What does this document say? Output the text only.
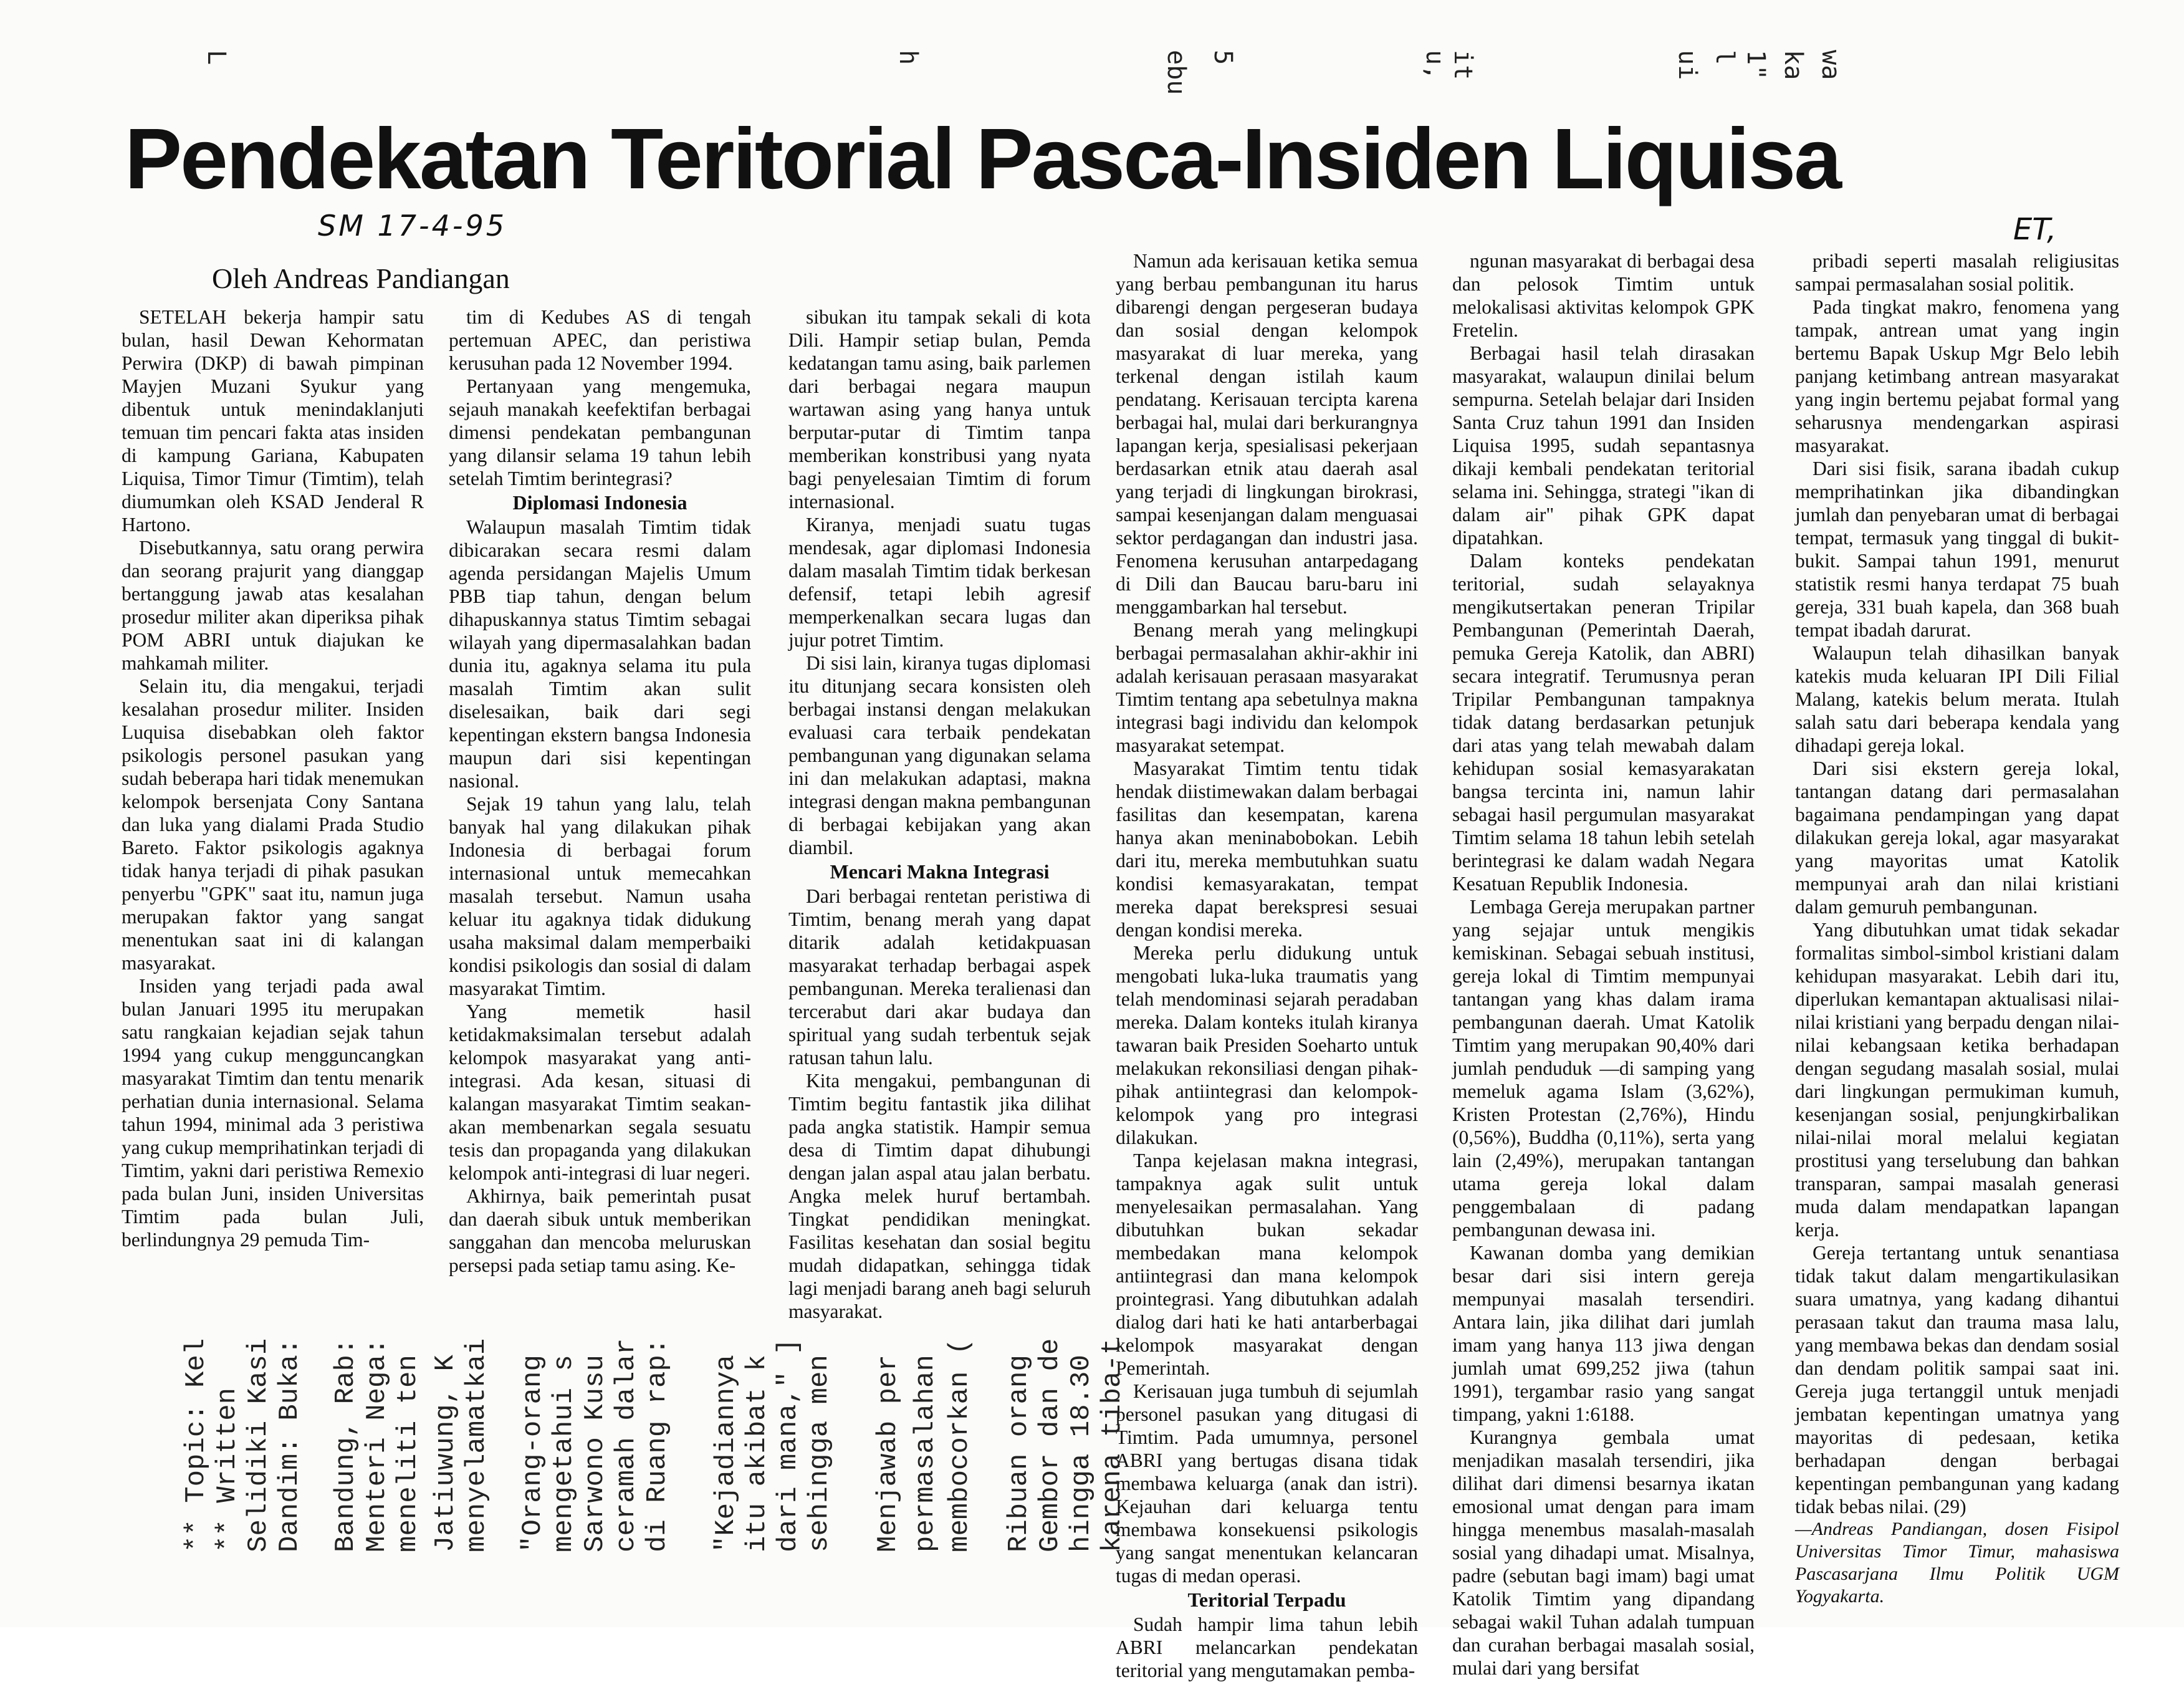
Pendekatan Teritorial Pasca-Insiden Liquisa
SM 17-4-95	ET,
Oleh Andreas Pandiangan
L	h	ebu 5	u, it	ui l 1" ka wa

SETELAH bekerja hampir satu bulan, hasil Dewan Kehormatan Perwira (DKP) di bawah pimpinan Mayjen Muzani Syukur yang dibentuk untuk menindaklanjuti temuan tim pencari fakta atas insiden di kampung Gariana, Kabupaten Liquisa, Timor Timur (Timtim), telah diumumkan oleh KSAD Jenderal R Hartono.

Disebutkannya, satu orang perwira dan seorang prajurit yang dianggap bertanggung jawab atas kesalahan prosedur militer akan diperiksa pihak POM ABRI untuk diajukan ke mahkamah militer.

Selain itu, dia mengakui, terjadi kesalahan prosedur militer. Insiden Luquisa disebabkan oleh faktor psikologis personel pasukan yang sudah beberapa hari tidak menemukan kelompok bersenjata Cony Santana dan luka yang dialami Prada Studio Bareto. Faktor psikologis agaknya tidak hanya terjadi di pihak pasukan penyerbu "GPK" saat itu, namun juga merupakan faktor yang sangat menentukan saat ini di kalangan masyarakat.

Insiden yang terjadi pada awal bulan Januari 1995 itu merupakan satu rangkaian kejadian sejak tahun 1994 yang cukup mengguncangkan masyarakat Timtim dan tentu menarik perhatian dunia internasional. Selama tahun 1994, minimal ada 3 peristiwa yang cukup memprihatinkan terjadi di Timtim, yakni dari peristiwa Remexio pada bulan Juni, insiden Universitas Timtim pada bulan Juli, berlindungnya 29 pemuda Tim-

tim di Kedubes AS di tengah pertemuan APEC, dan peristiwa kerusuhan pada 12 November 1994.

Pertanyaan yang mengemuka, sejauh manakah keefektifan berbagai dimensi pendekatan pembangunan yang dilansir selama 19 tahun lebih setelah Timtim berintegrasi?

Diplomasi Indonesia

Walaupun masalah Timtim tidak dibicarakan secara resmi dalam agenda persidangan Majelis Umum PBB tiap tahun, dengan belum dihapuskannya status Timtim sebagai wilayah yang dipermasalahkan badan dunia itu, agaknya selama itu pula masalah Timtim akan sulit diselesaikan, baik dari segi kepentingan ekstern bangsa Indonesia maupun dari sisi kepentingan nasional.

Sejak 19 tahun yang lalu, telah banyak hal yang dilakukan pihak Indonesia di berbagai forum internasional untuk memecahkan masalah tersebut. Namun usaha keluar itu agaknya tidak didukung usaha maksimal dalam memperbaiki kondisi psikologis dan sosial di dalam masyarakat Timtim.

Yang memetik hasil ketidakmaksimalan tersebut adalah kelompok masyarakat yang anti-integrasi. Ada kesan, situasi di kalangan masyarakat Timtim seakan-akan membenarkan segala sesuatu tesis dan propaganda yang dilakukan kelompok anti-integrasi di luar negeri.

Akhirnya, baik pemerintah pusat dan daerah sibuk untuk memberikan sanggahan dan mencoba meluruskan persepsi pada setiap tamu asing. Ke-

sibukan itu tampak sekali di kota Dili. Hampir setiap bulan, Pemda kedatangan tamu asing, baik parlemen dari berbagai negara maupun wartawan asing yang hanya untuk berputar-putar di Timtim tanpa memberikan konstribusi yang nyata bagi penyelesaian Timtim di forum internasional.

Kiranya, menjadi suatu tugas mendesak, agar diplomasi Indonesia dalam masalah Timtim tidak berkesan defensif, tetapi lebih agresif memperkenalkan secara lugas dan jujur potret Timtim.

Di sisi lain, kiranya tugas diplomasi itu ditunjang secara konsisten oleh berbagai instansi dengan melakukan evaluasi cara terbaik pendekatan pembangunan yang digunakan selama ini dan melakukan adaptasi, makna integrasi dengan makna pembangunan di berbagai kebijakan yang akan diambil.

Mencari Makna Integrasi

Dari berbagai rentetan peristiwa di Timtim, benang merah yang dapat ditarik adalah ketidakpuasan masyarakat terhadap berbagai aspek pembangunan. Mereka teralienasi dan tercerabut dari akar budaya dan spiritual yang sudah terbentuk sejak ratusan tahun lalu.

Kita mengakui, pembangunan di Timtim begitu fantastik jika dilihat pada angka statistik. Hampir semua desa di Timtim dapat dihubungi dengan jalan aspal atau jalan berbatu. Angka melek huruf bertambah. Tingkat pendidikan meningkat. Fasilitas kesehatan dan sosial begitu mudah didapatkan, sehingga tidak lagi menjadi barang aneh bagi seluruh masyarakat.

Namun ada kerisauan ketika semua yang berbau pembangunan itu harus dibarengi dengan pergeseran budaya dan sosial dengan kelompok masyarakat di luar mereka, yang terkenal dengan istilah kaum pendatang. Kerisauan tercipta karena berbagai hal, mulai dari berkurangnya lapangan kerja, spesialisasi pekerjaan berdasarkan etnik atau daerah asal yang terjadi di lingkungan birokrasi, sampai kesenjangan dalam menguasai sektor perdagangan dan industri jasa. Fenomena kerusuhan antarpedagang di Dili dan Baucau baru-baru ini menggambarkan hal tersebut.

Benang merah yang melingkupi berbagai permasalahan akhir-akhir ini adalah kerisauan perasaan masyarakat Timtim tentang apa sebetulnya makna integrasi bagi individu dan kelompok masyarakat setempat.

Masyarakat Timtim tentu tidak hendak diistimewakan dalam berbagai fasilitas dan kesempatan, karena hanya akan meninabobokan. Lebih dari itu, mereka membutuhkan suatu kondisi kemasyarakatan, tempat mereka dapat berekspresi sesuai dengan kondisi mereka.

Mereka perlu didukung untuk mengobati luka-luka traumatis yang telah mendominasi sejarah peradaban mereka. Dalam konteks itulah kiranya tawaran baik Presiden Soeharto untuk melakukan rekonsiliasi dengan pihak-pihak antiintegrasi dan kelompok-kelompok yang pro integrasi dilakukan.

Tanpa kejelasan makna integrasi, tampaknya agak sulit untuk menyelesaikan permasalahan. Yang dibutuhkan bukan sekadar membedakan mana kelompok antiintegrasi dan mana kelompok prointegrasi. Yang dibutuhkan adalah dialog dari hati ke hati antarberbagai kelompok masyarakat dengan Pemerintah.

Kerisauan juga tumbuh di sejumlah personel pasukan yang ditugasi di Timtim. Pada umumnya, personel ABRI yang bertugas disana tidak membawa keluarga (anak dan istri). Kejauhan dari keluarga tentu membawa konsekuensi psikologis yang sangat menentukan kelancaran tugas di medan operasi.

Teritorial Terpadu

Sudah hampir lima tahun lebih ABRI melancarkan pendekatan teritorial yang mengutamakan pemba-

ngunan masyarakat di berbagai desa dan pelosok Timtim untuk melokalisasi aktivitas kelompok GPK Fretelin.

Berbagai hasil telah dirasakan masyarakat, walaupun dinilai belum sempurna. Setelah belajar dari Insiden Santa Cruz tahun 1991 dan Insiden Liquisa 1995, sudah sepantasnya dikaji kembali pendekatan teritorial selama ini. Sehingga, strategi "ikan di dalam air" pihak GPK dapat dipatahkan.

Dalam konteks pendekatan teritorial, sudah selayaknya mengikutsertakan peneran Tripilar Pembangunan (Pemerintah Daerah, pemuka Gereja Katolik, dan ABRI) secara integratif. Terumusnya peran Tripilar Pembangunan tampaknya tidak datang berdasarkan petunjuk dari atas yang telah mewabah dalam kehidupan sosial kemasyarakatan bangsa tercinta ini, namun lahir sebagai hasil pergumulan masyarakat Timtim selama 18 tahun lebih setelah berintegrasi ke dalam wadah Negara Kesatuan Republik Indonesia.

Lembaga Gereja merupakan partner yang sejajar untuk mengikis kemiskinan. Sebagai sebuah institusi, gereja lokal di Timtim mempunyai tantangan yang khas dalam irama pembangunan daerah. Umat Katolik Timtim yang merupakan 90,40% dari jumlah penduduk —di samping yang memeluk agama Islam (3,62%), Kristen Protestan (2,76%), Hindu (0,56%), Buddha (0,11%), serta yang lain (2,49%), merupakan tantangan utama gereja lokal dalam penggembalaan di padang pembangunan dewasa ini.

Kawanan domba yang demikian besar dari sisi intern gereja mempunyai masalah tersendiri. Antara lain, jika dilihat dari jumlah imam yang hanya 113 jiwa dengan jumlah umat 699,252 jiwa (tahun 1991), tergambar rasio yang sangat timpang, yakni 1:6188.

Kurangnya gembala umat menjadikan masalah tersendiri, jika dilihat dari dimensi besarnya ikatan emosional umat dengan para imam hingga menembus masalah-masalah sosial yang dihadapi umat. Misalnya, padre (sebutan bagi imam) bagi umat Katolik Timtim yang dipandang sebagai wakil Tuhan adalah tumpuan dan curahan berbagai masalah sosial, mulai dari yang bersifat

pribadi seperti masalah religiusitas sampai permasalahan sosial politik.

Pada tingkat makro, fenomena yang tampak, antrean umat yang ingin bertemu Bapak Uskup Mgr Belo lebih panjang ketimbang antrean masyarakat yang ingin bertemu pejabat formal yang seharusnya mendengarkan aspirasi masyarakat.

Dari sisi fisik, sarana ibadah cukup memprihatinkan jika dibandingkan jumlah dan penyebaran umat di berbagai tempat, termasuk yang tinggal di bukit-bukit. Sampai tahun 1991, menurut statistik resmi hanya terdapat 75 buah gereja, 331 buah kapela, dan 368 buah tempat ibadah darurat.

Walaupun telah dihasilkan banyak katekis muda keluaran IPI Dili Filial Malang, katekis belum merata. Itulah salah satu dari beberapa kendala yang dihadapi gereja lokal.

Dari sisi ekstern gereja lokal, tantangan datang dari permasalahan bagaimana pendampingan yang dapat dilakukan gereja lokal, agar masyarakat yang mayoritas umat Katolik mempunyai arah dan nilai kristiani dalam gemuruh pembangunan.

Yang dibutuhkan umat tidak sekadar formalitas simbol-simbol kristiani dalam kehidupan masyarakat. Lebih dari itu, diperlukan kemantapan aktualisasi nilai-nilai kristiani yang berpadu dengan nilai-nilai kebangsaan ketika berhadapan dengan segudang masalah sosial, mulai dari lingkungan permukiman kumuh, kesenjangan sosial, penjungkirbalikan nilai-nilai moral melalui kegiatan prostitusi yang terselubung dan bahkan transparan, sampai masalah generasi muda dalam mendapatkan lapangan kerja.

Gereja tertantang untuk senantiasa tidak takut dalam mengartikulasikan suara umatnya, yang kadang dihantui perasaan takut dan trauma masa lalu, yang membawa bekas dan dendam sosial dan dendam politik sampai saat ini. Gereja juga tertanggil untuk menjadi jembatan kepentingan umatnya yang mayoritas di pedesaan, ketika berhadapan dengan berbagai kepentingan pembangunan yang kadang tidak bebas nilai. (29)

—Andreas Pandiangan, dosen Fisipol Universitas Timor Timur, mahasiswa Pascasarjana Ilmu Politik UGM Yogyakarta.

** Topic: Kel ** Written Selidiki Kasi Dandim: Buka: Bandung, Rab: Menteri Nega: meneliti ten Jatiuwung, K menyelamatkai "Orang-orang mengetahui s Sarwono Kusu ceramah dalar di Ruang rap: "Kejadiannya itu akibat k dari mana," ] sehingga men Menjawab per permasalahan membocorkan ( Ribuan orang Gembor dan de hingga 18.30 karena tiba-t
